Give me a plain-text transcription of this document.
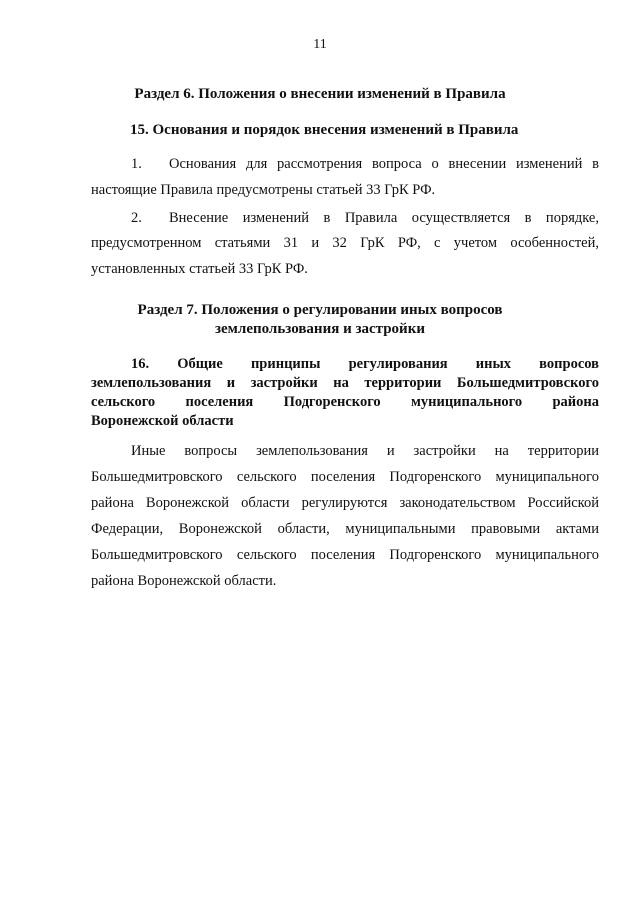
11
Раздел 6. Положения о внесении изменений в Правила
15. Основания и порядок внесения изменений в Правила
1. Основания для рассмотрения вопроса о внесении изменений в
настоящие Правила предусмотрены статьей 33 ГрК РФ.
2. Внесение изменений в Правила осуществляется в порядке,
предусмотренном статьями 31 и 32 ГрК РФ, с учетом особенностей,
установленных статьей 33 ГрК РФ.
Раздел 7. Положения о регулировании иных вопросов
землепользования и застройки
16. Общие принципы регулирования иных вопросов
землепользования и застройки на территории Большедмитровского
сельского поселения Подгоренского муниципального района
Воронежской области
Иные вопросы землепользования и застройки на территории
Большедмитровского сельского поселения Подгоренского муниципального
района Воронежской области регулируются законодательством Российской
Федерации, Воронежской области, муниципальными правовыми актами
Большедмитровского сельского поселения Подгоренского муниципального
района Воронежской области.
